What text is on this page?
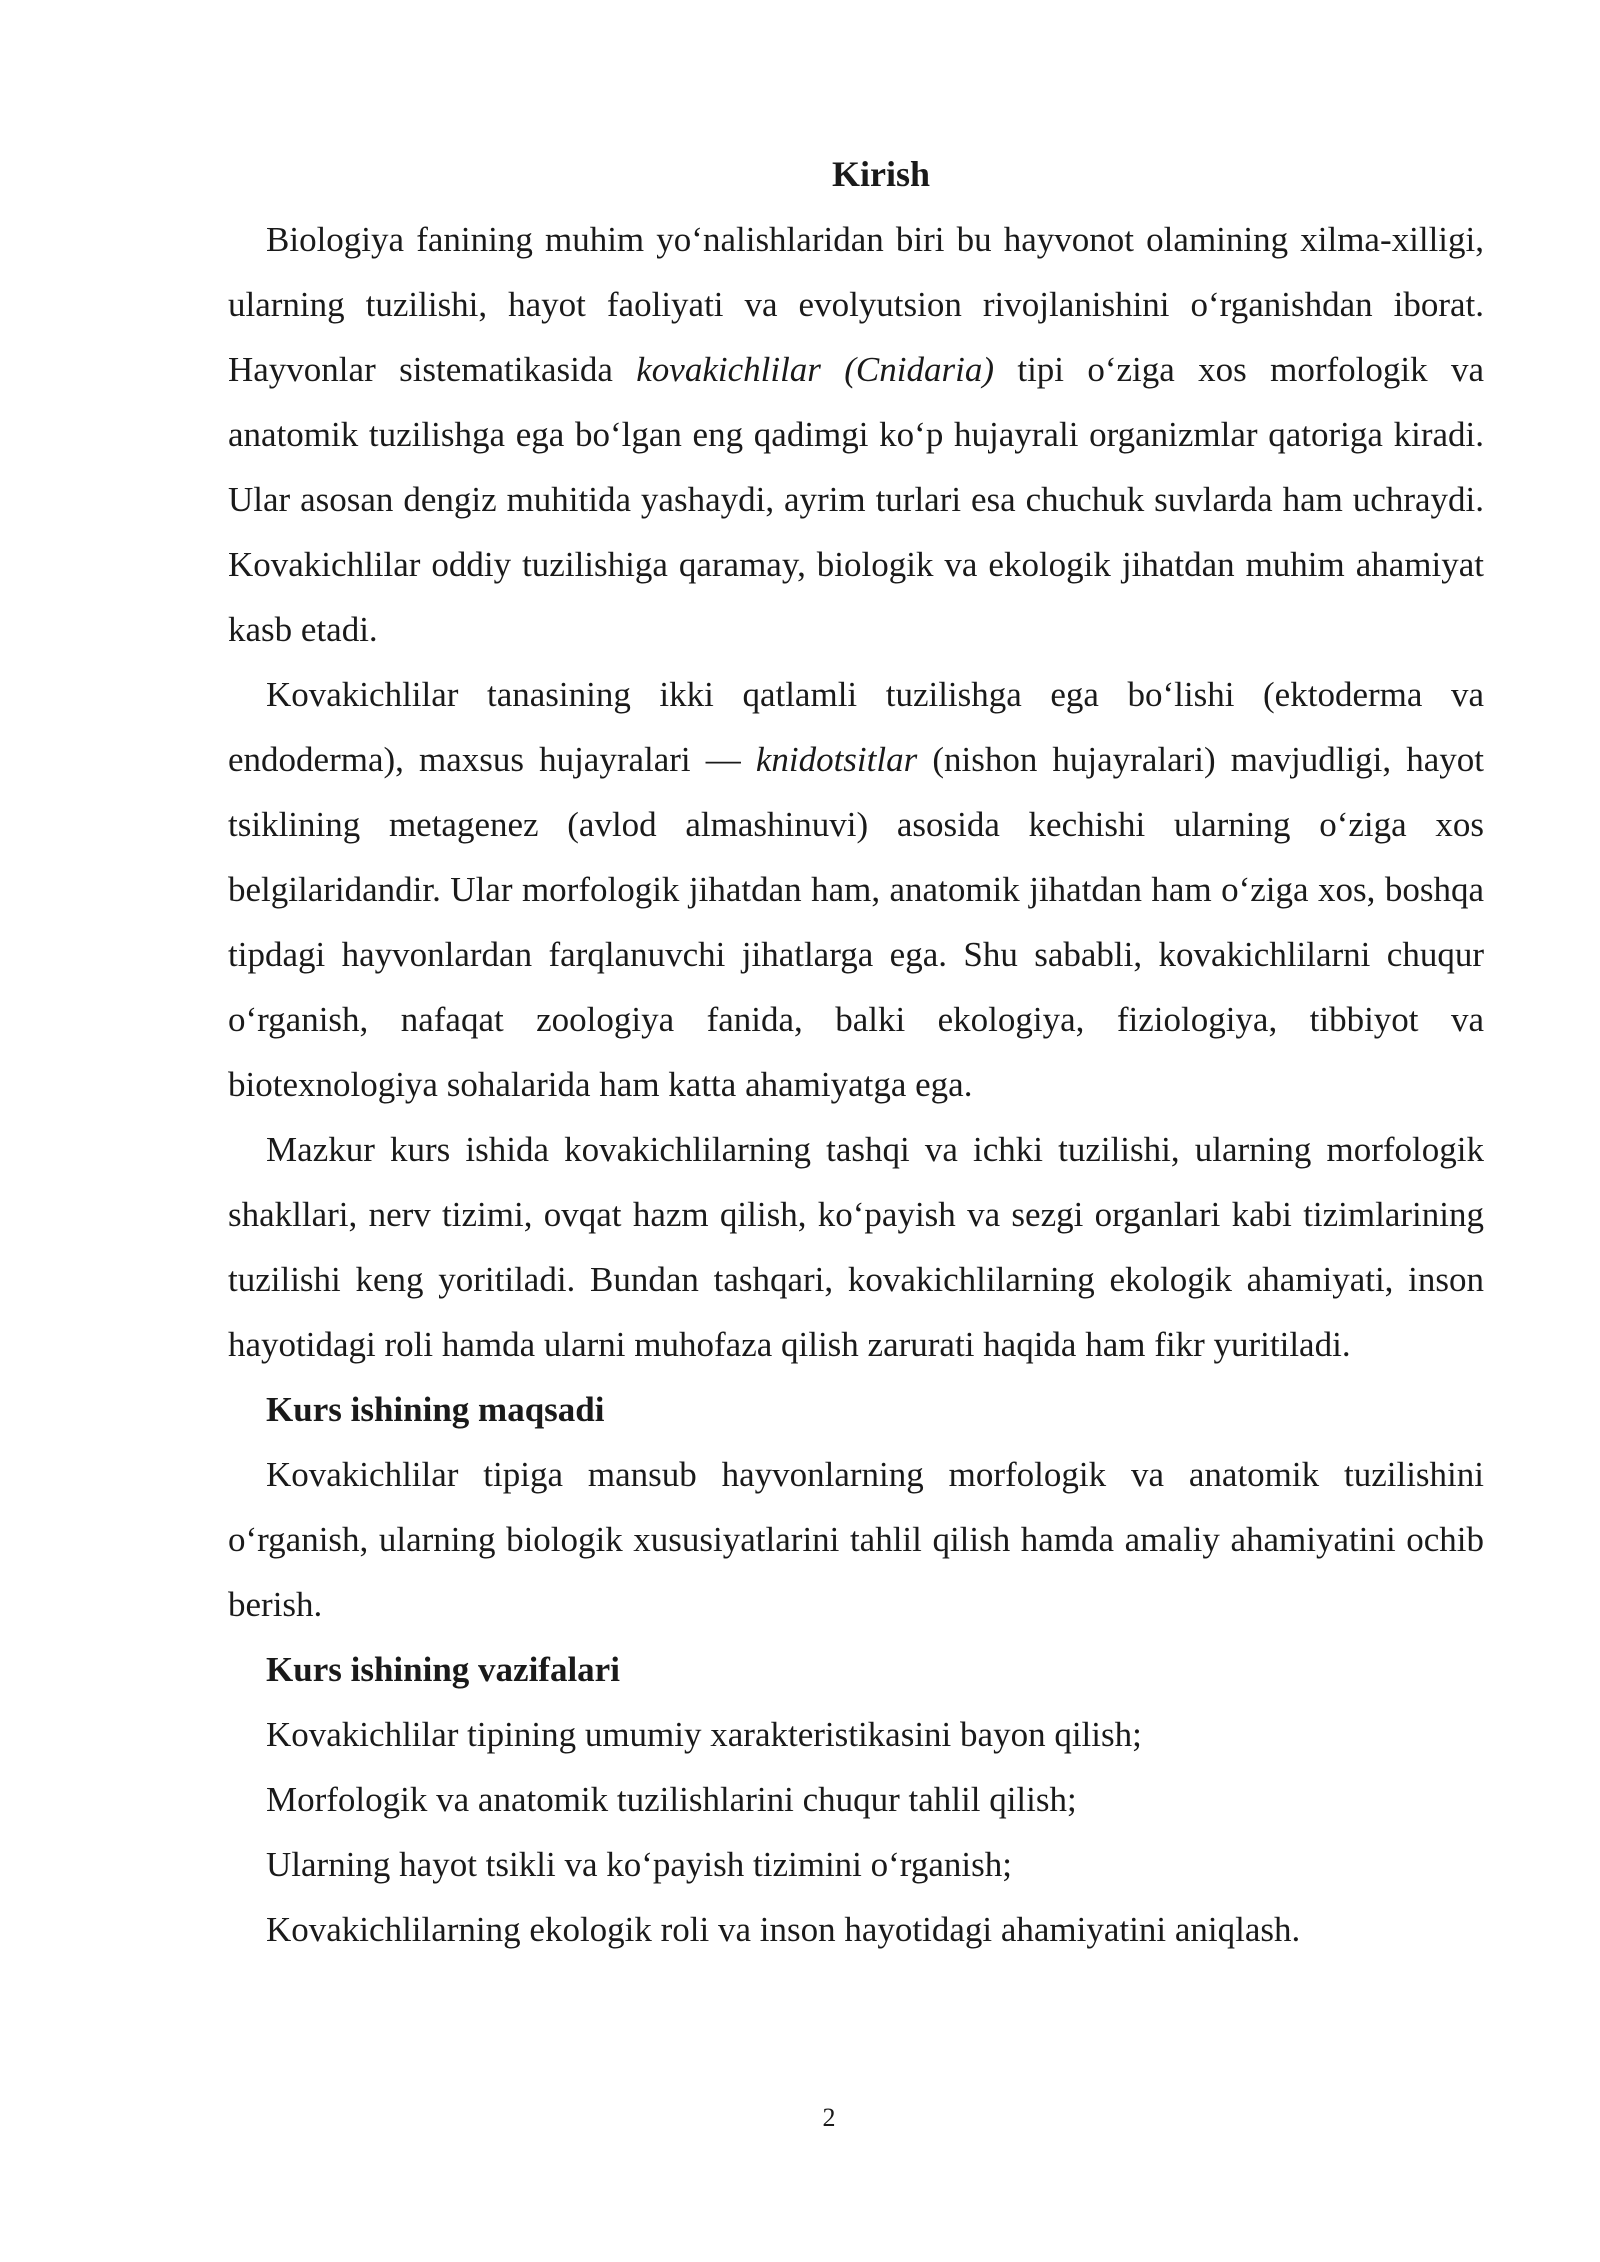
Kirish

Biologiya fanining muhim yo‘nalishlaridan biri bu hayvonot olamining xilma-xilligi, ularning tuzilishi, hayot faoliyati va evolyutsion rivojlanishini o‘rganishdan iborat. Hayvonlar sistematikasida kovakichlilar (Cnidaria) tipi o‘ziga xos morfologik va anatomik tuzilishga ega bo‘lgan eng qadimgi ko‘p hujayrali organizmlar qatoriga kiradi. Ular asosan dengiz muhitida yashaydi, ayrim turlari esa chuchuk suvlarda ham uchraydi. Kovakichlilar oddiy tuzilishiga qaramay, biologik va ekologik jihatdan muhim ahamiyat kasb etadi.

Kovakichlilar tanasining ikki qatlamli tuzilishga ega bo‘lishi (ektoderma va endoderma), maxsus hujayralari — knidotsitlar (nishon hujayralari) mavjudligi, hayot tsiklining metagenez (avlod almashinuvi) asosida kechishi ularning o‘ziga xos belgilaridandir. Ular morfologik jihatdan ham, anatomik jihatdan ham o‘ziga xos, boshqa tipdagi hayvonlardan farqlanuvchi jihatlarga ega. Shu sababli, kovakichlilarni chuqur o‘rganish, nafaqat zoologiya fanida, balki ekologiya, fiziologiya, tibbiyot va biotexnologiya sohalarida ham katta ahamiyatga ega.

Mazkur kurs ishida kovakichlilarning tashqi va ichki tuzilishi, ularning morfologik shakllari, nerv tizimi, ovqat hazm qilish, ko‘payish va sezgi organlari kabi tizimlarining tuzilishi keng yoritiladi. Bundan tashqari, kovakichlilarning ekologik ahamiyati, inson hayotidagi roli hamda ularni muhofaza qilish zarurati haqida ham fikr yuritiladi.

Kurs ishining maqsadi

Kovakichlilar tipiga mansub hayvonlarning morfologik va anatomik tuzilishini o‘rganish, ularning biologik xususiyatlarini tahlil qilish hamda amaliy ahamiyatini ochib berish.

Kurs ishining vazifalari
Kovakichlilar tipining umumiy xarakteristikasini bayon qilish;
Morfologik va anatomik tuzilishlarini chuqur tahlil qilish;
Ularning hayot tsikli va ko‘payish tizimini o‘rganish;
Kovakichlilarning ekologik roli va inson hayotidagi ahamiyatini aniqlash.
2
